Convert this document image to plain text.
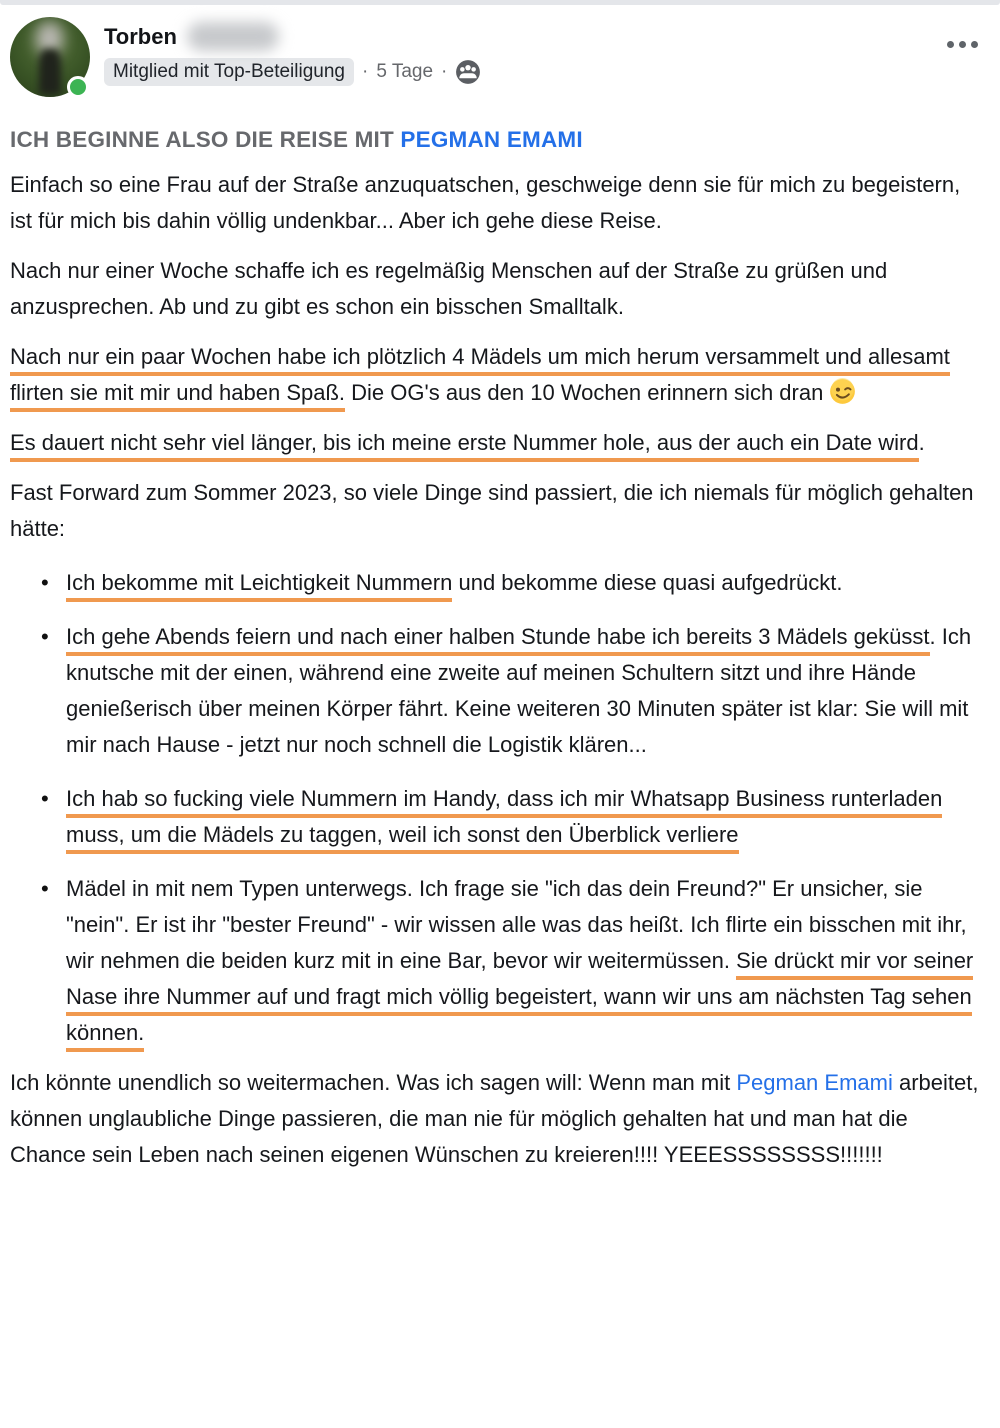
Torben
Mitglied mit Top-Beteiligung · 5 Tage ·
ICH BEGINNE ALSO DIE REISE MIT PEGMAN EMAMI

Einfach so eine Frau auf der Straße anzuquatschen, geschweige denn sie für mich zu begeistern, ist für mich bis dahin völlig undenkbar... Aber ich gehe diese Reise.

Nach nur einer Woche schaffe ich es regelmäßig Menschen auf der Straße zu grüßen und anzusprechen. Ab und zu gibt es schon ein bisschen Smalltalk.

Nach nur ein paar Wochen habe ich plötzlich 4 Mädels um mich herum versammelt und allesamt flirten sie mit mir und haben Spaß. Die OG's aus den 10 Wochen erinnern sich dran

Es dauert nicht sehr viel länger, bis ich meine erste Nummer hole, aus der auch ein Date wird.

Fast Forward zum Sommer 2023, so viele Dinge sind passiert, die ich niemals für möglich gehalten hätte:

• Ich bekomme mit Leichtigkeit Nummern und bekomme diese quasi aufgedrückt.
• Ich gehe Abends feiern und nach einer halben Stunde habe ich bereits 3 Mädels geküsst. Ich knutsche mit der einen, während eine zweite auf meinen Schultern sitzt und ihre Hände genießerisch über meinen Körper fährt. Keine weiteren 30 Minuten später ist klar: Sie will mit mir nach Hause - jetzt nur noch schnell die Logistik klären...
• Ich hab so fucking viele Nummern im Handy, dass ich mir Whatsapp Business runterladen muss, um die Mädels zu taggen, weil ich sonst den Überblick verliere
• Mädel in mit nem Typen unterwegs. Ich frage sie "ich das dein Freund?" Er unsicher, sie "nein". Er ist ihr "bester Freund" - wir wissen alle was das heißt. Ich flirte ein bisschen mit ihr, wir nehmen die beiden kurz mit in eine Bar, bevor wir weitermüssen. Sie drückt mir vor seiner Nase ihre Nummer auf und fragt mich völlig begeistert, wann wir uns am nächsten Tag sehen können.

Ich könnte unendlich so weitermachen. Was ich sagen will: Wenn man mit Pegman Emami arbeitet, können unglaubliche Dinge passieren, die man nie für möglich gehalten hat und man hat die Chance sein Leben nach seinen eigenen Wünschen zu kreieren!!!! YEEESSSSSSSS!!!!!!!
